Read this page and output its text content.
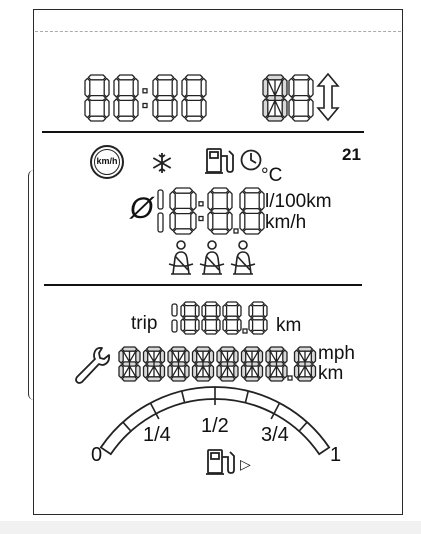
km/h
°C
21
Ø	l/100km
km/h
trip	km
mph
km
0
1/4 1/2 3/4
1
▷
